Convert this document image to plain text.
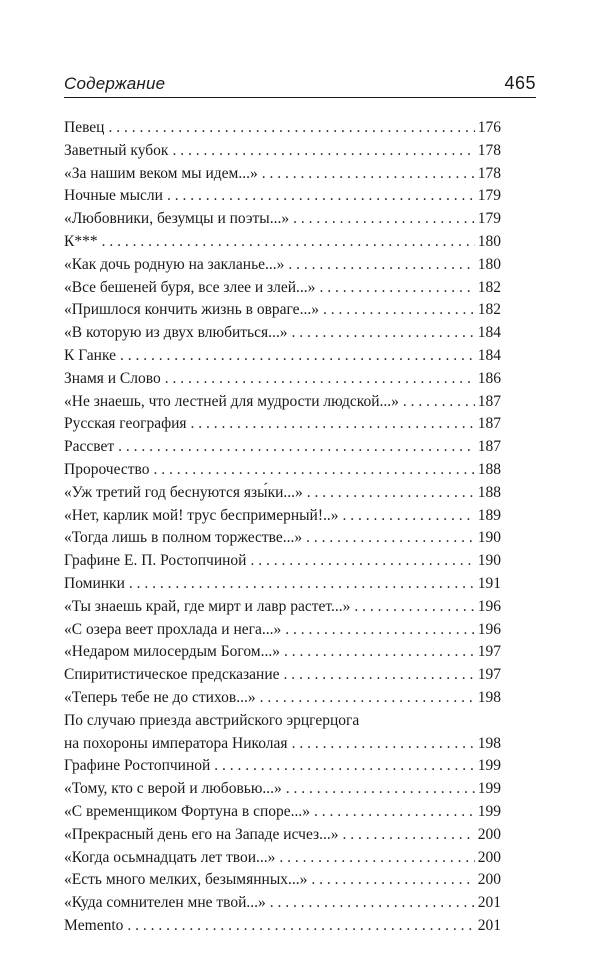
Содержание	465
Певец . . .	176
Заветный кубок . . .	178
«За нашим веком мы идем...» . . .	178
Ночные мысли . . .	179
«Любовники, безумцы и поэты...» . . .	179
К*** . . .	180
«Как дочь родную на закланье...» . . .	180
«Все бешеней буря, все злее и злей...» . . .	182
«Пришлося кончить жизнь в овраге...» . . .	182
«В которую из двух влюбиться...» . . .	184
К Ганке . . .	184
Знамя и Слово . . .	186
«Не знаешь, что лестней для мудрости людской...» . . .	187
Русская география . . .	187
Рассвет . . .	187
Пророчество . . .	188
«Уж третий год беснуются язы́ки...» . . .	188
«Нет, карлик мой! трус беспримерный!..» . . .	189
«Тогда лишь в полном торжестве...» . . .	190
Графине Е. П. Ростопчиной . . .	190
Поминки . . .	191
«Ты знаешь край, где мирт и лавр растет...» . . .	196
«С озера веет прохлада и нега...» . . .	196
«Недаром милосердым Богом...» . . .	197
Спиритистическое предсказание . . .	197
«Теперь тебе не до стихов...» . . .	198
По случаю приезда австрийского эрцгерцога
на похороны императора Николая . . .	198
Графине Ростопчиной . . .	199
«Тому, кто с верой и любовью...» . . .	199
«С временщиком Фортуна в споре...» . . .	199
«Прекрасный день его на Западе исчез...» . . .	200
«Когда осьмнадцать лет твои...» . . .	200
«Есть много мелких, безымянных...» . . .	200
«Куда сомнителен мне твой...» . . .	201
Memento . . .	201
